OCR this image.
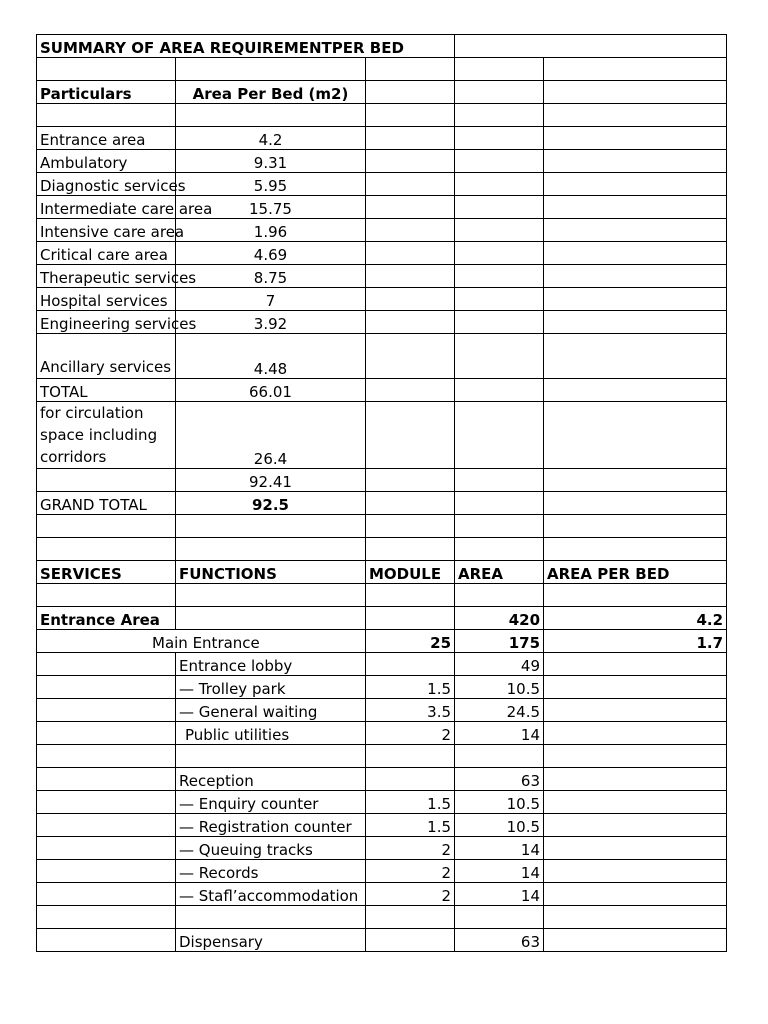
SUMMARY OF AREA REQUIREMENTPER BED				

Particulars	Area Per Bed (m2)			

Entrance area	4.2			
Ambulatory	9.31			
Diagnostic services	5.95			
Intermediate care area	15.75			
Intensive care area	1.96			
Critical care area	4.69			
Therapeutic services	8.75			
Hospital services	7			
Engineering services	3.92			
Ancillary services	4.48			
TOTAL	66.01			
for circulation space including corridors	26.4			
	92.41			
GRAND TOTAL	92.5			

SERVICES	FUNCTIONS	MODULE	AREA	AREA PER BED

Entrance Area			420	4.2
Main Entrance		25	175	1.7
	Entrance lobby		49	
	— Trolley park	1.5	10.5	
	— General waiting	3.5	24.5	
	Public utilities	2	14	

	Reception		63	
	— Enquiry counter	1.5	10.5	
	— Registration counter	1.5	10.5	
	— Queuing tracks	2	14	
	— Records	2	14	
	— Stafl’accommodation	2	14	

	Dispensary		63	
